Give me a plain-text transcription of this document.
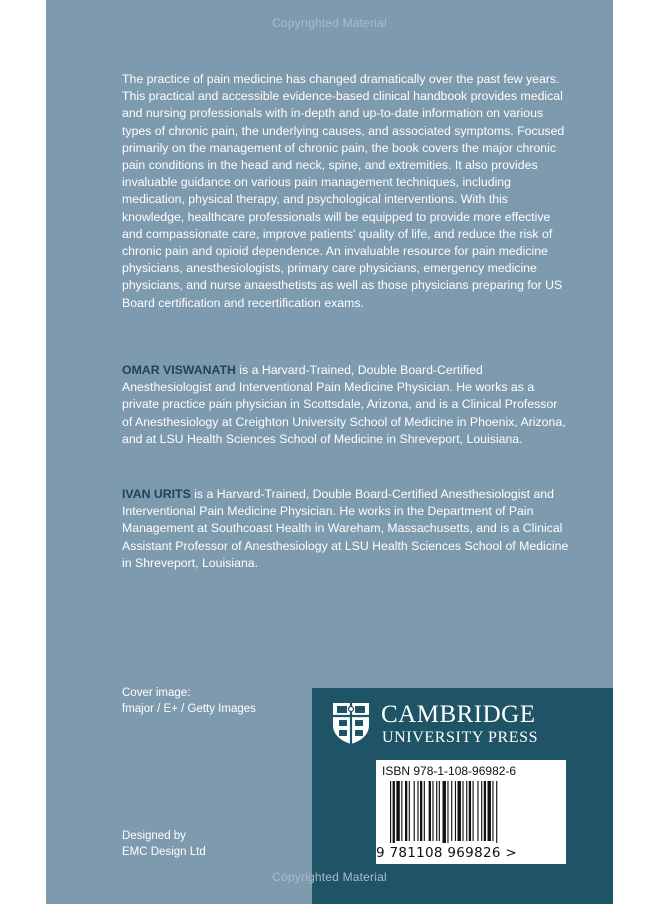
Copyrighted Material

The practice of pain medicine has changed dramatically over the past few years. This practical and accessible evidence-based clinical handbook provides medical and nursing professionals with in-depth and up-to-date information on various types of chronic pain, the underlying causes, and associated symptoms. Focused primarily on the management of chronic pain, the book covers the major chronic pain conditions in the head and neck, spine, and extremities. It also provides invaluable guidance on various pain management techniques, including medication, physical therapy, and psychological interventions. With this knowledge, healthcare professionals will be equipped to provide more effective and compassionate care, improve patients' quality of life, and reduce the risk of chronic pain and opioid dependence. An invaluable resource for pain medicine physicians, anesthesiologists, primary care physicians, emergency medicine physicians, and nurse anaesthetists as well as those physicians preparing for US Board certification and recertification exams.

OMAR VISWANATH is a Harvard-Trained, Double Board-Certified Anesthesiologist and Interventional Pain Medicine Physician. He works as a private practice pain physician in Scottsdale, Arizona, and is a Clinical Professor of Anesthesiology at Creighton University School of Medicine in Phoenix, Arizona, and at LSU Health Sciences School of Medicine in Shreveport, Louisiana.

IVAN URITS is a Harvard-Trained, Double Board-Certified Anesthesiologist and Interventional Pain Medicine Physician. He works in the Department of Pain Management at Southcoast Health in Wareham, Massachusetts, and is a Clinical Assistant Professor of Anesthesiology at LSU Health Sciences School of Medicine in Shreveport, Louisiana.

Cover image:
fmajor / E+ / Getty Images
Designed by
EMC Design Ltd
CAMBRIDGE
UNIVERSITY PRESS
ISBN 978-1-108-96982-6
9 781108 969826 >
Copyrighted Material
